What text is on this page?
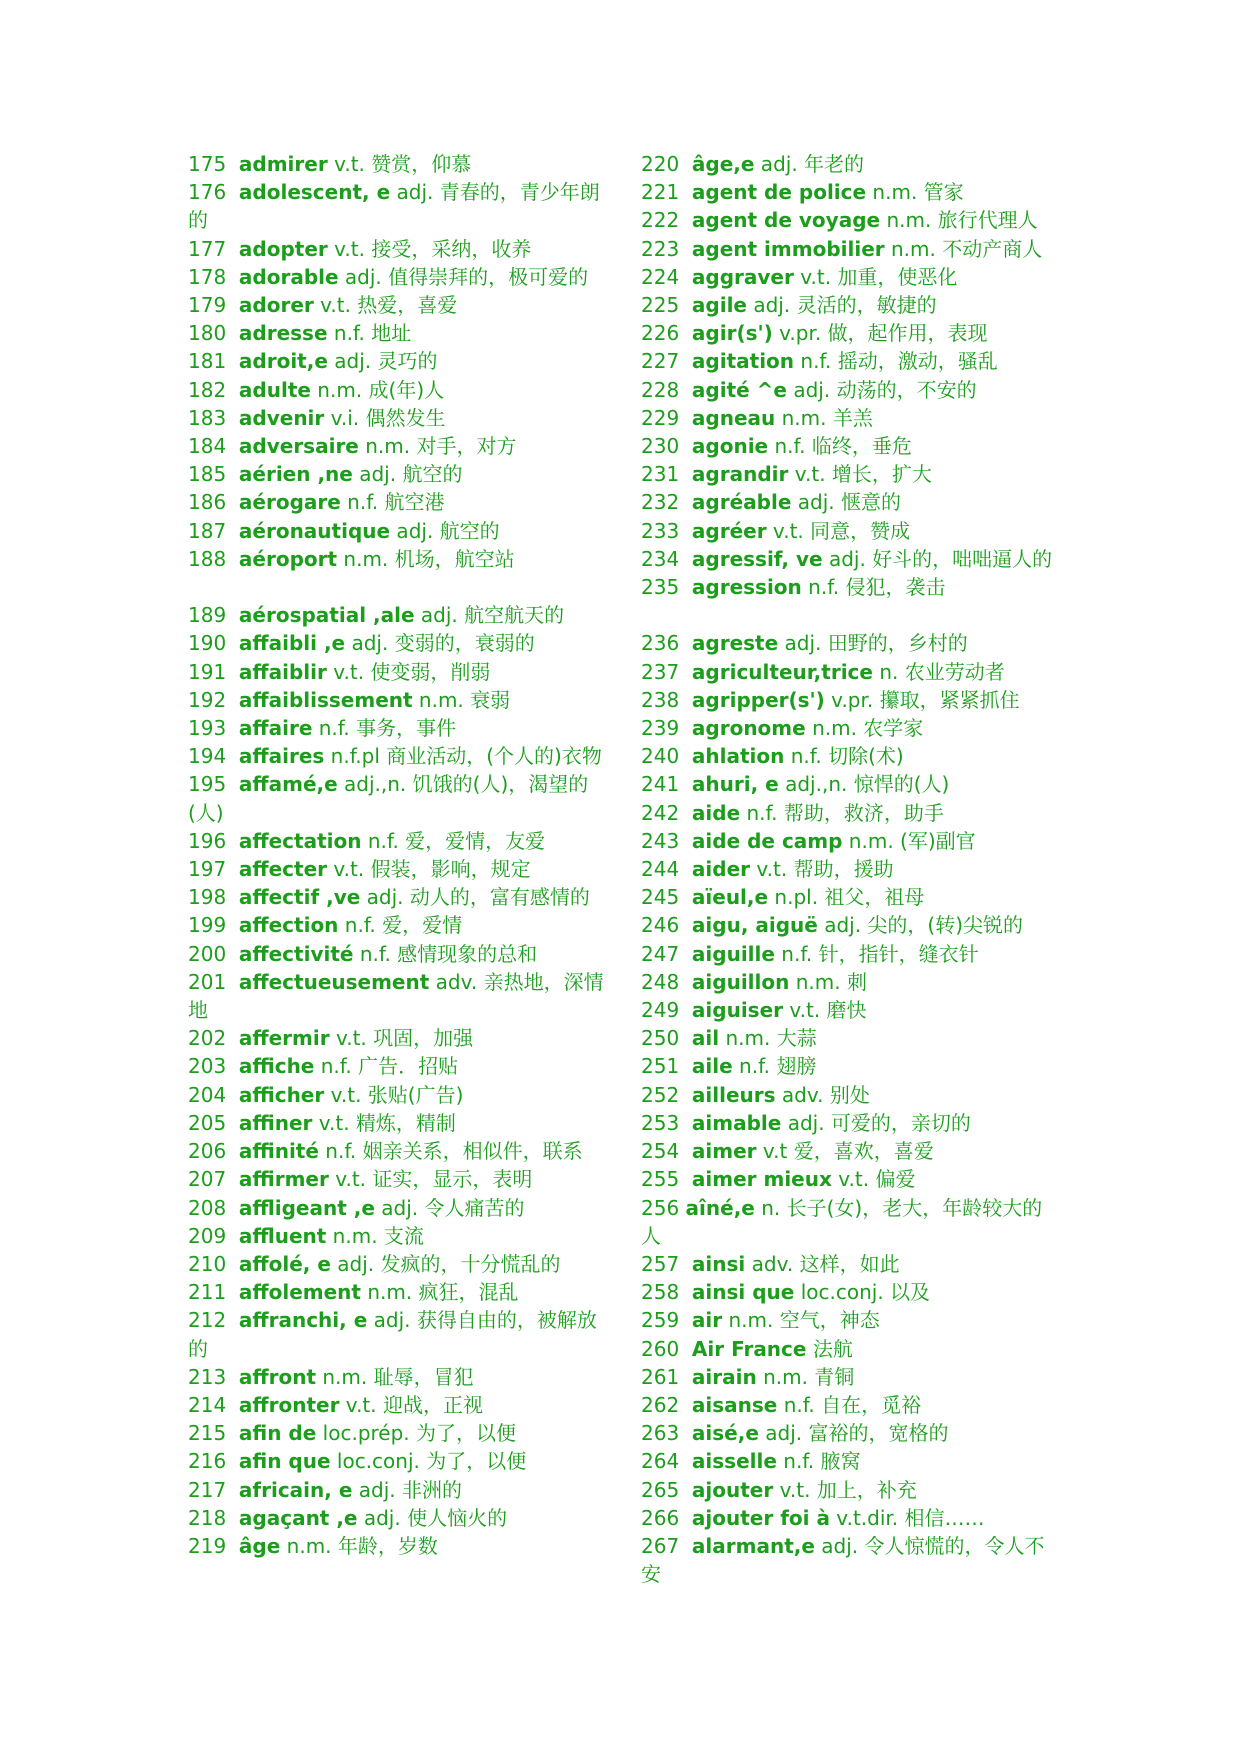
175 admirer v.t. 赞赏，仰慕
176 adolescent, e adj. 青春的，青少年朗的
177 adopter v.t. 接受，采纳，收养
178 adorable adj. 值得崇拜的，极可爱的
179 adorer v.t. 热爱，喜爱
180 adresse n.f. 地址
181 adroit,e adj. 灵巧的
182 adulte n.m. 成(年)人
183 advenir v.i. 偶然发生
184 adversaire n.m. 对手，对方
185 aérien ,ne adj. 航空的
186 aérogare n.f. 航空港
187 aéronautique adj. 航空的
188 aéroport n.m. 机场，航空站
189 aérospatial ,ale adj. 航空航天的
190 affaibli ,e adj. 变弱的，衰弱的
191 affaiblir v.t. 使变弱，削弱
192 affaiblissement n.m. 衰弱
193 affaire n.f. 事务，事件
194 affaires n.f.pl 商业活动，(个人的)衣物
195 affamé,e adj.,n. 饥饿的(人)，渴望的(人)
196 affectation n.f. 爱，爱情，友爱
197 affecter v.t. 假装，影响，规定
198 affectif ,ve adj. 动人的，富有感情的
199 affection n.f. 爱，爱情
200 affectivité n.f. 感情现象的总和
201 affectueusement adv. 亲热地，深情地
202 affermir v.t. 巩固，加强
203 affiche n.f. 广告．招贴
204 afficher v.t. 张贴(广告)
205 affiner v.t. 精炼，精制
206 affinité n.f. 姻亲关系，相似件，联系
207 affirmer v.t. 证实，显示，表明
208 affligeant ,e adj. 令人痛苦的
209 affluent n.m. 支流
210 affolé, e adj. 发疯的，十分慌乱的
211 affolement n.m. 疯狂，混乱
212 affranchi, e adj. 获得自由的，被解放的
213 affront n.m. 耻辱，冒犯
214 affronter v.t. 迎战，正视
215 afin de loc.prép. 为了，以便
216 afin que loc.conj. 为了，以便
217 africain, e adj. 非洲的
218 agaçant ,e adj. 使人恼火的
219 âge n.m. 年龄，岁数
220 âge,e adj. 年老的
221 agent de police n.m. 管家
222 agent de voyage n.m. 旅行代理人
223 agent immobilier n.m. 不动产商人
224 aggraver v.t. 加重，使恶化
225 agile adj. 灵活的，敏捷的
226 agir(s') v.pr. 做，起作用，表现
227 agitation n.f. 摇动，激动，骚乱
228 agité ^e adj. 动荡的，不安的
229 agneau n.m. 羊羔
230 agonie n.f. 临终，垂危
231 agrandir v.t. 增长，扩大
232 agréable adj. 惬意的
233 agréer v.t. 同意，赞成
234 agressif, ve adj. 好斗的，咄咄逼人的
235 agression n.f. 侵犯，袭击
236 agreste adj. 田野的，乡村的
237 agriculteur,trice n. 农业劳动者
238 agripper(s') v.pr. 攥取，紧紧抓住
239 agronome n.m. 农学家
240 ahlation n.f. 切除(术)
241 ahuri, e adj.,n. 惊悍的(人)
242 aide n.f. 帮助，救济，助手
243 aide de camp n.m. (军)副官
244 aider v.t. 帮助，援助
245 aïeul,e n.pl. 祖父，祖母
246 aigu, aiguë adj. 尖的，(转)尖锐的
247 aiguille n.f. 针，指针，缝衣针
248 aiguillon n.m. 刺
249 aiguiser v.t. 磨快
250 ail n.m. 大蒜
251 aile n.f. 翅膀
252 ailleurs adv. 别处
253 aimable adj. 可爱的，亲切的
254 aimer v.t 爱，喜欢，喜爱
255 aimer mieux v.t. 偏爱
256 aîné,e n. 长子(女)，老大，年龄较大的人
257 ainsi adv. 这样，如此
258 ainsi que loc.conj. 以及
259 air n.m. 空气，神态
260 Air France 法航
261 airain n.m. 青铜
262 aisanse n.f. 自在，觅裕
263 aisé,e adj. 富裕的，宽格的
264 aisselle n.f. 腋窝
265 ajouter v.t. 加上，补充
266 ajouter foi à v.t.dir. 相信……
267 alarmant,e adj. 令人惊慌的，令人不安
